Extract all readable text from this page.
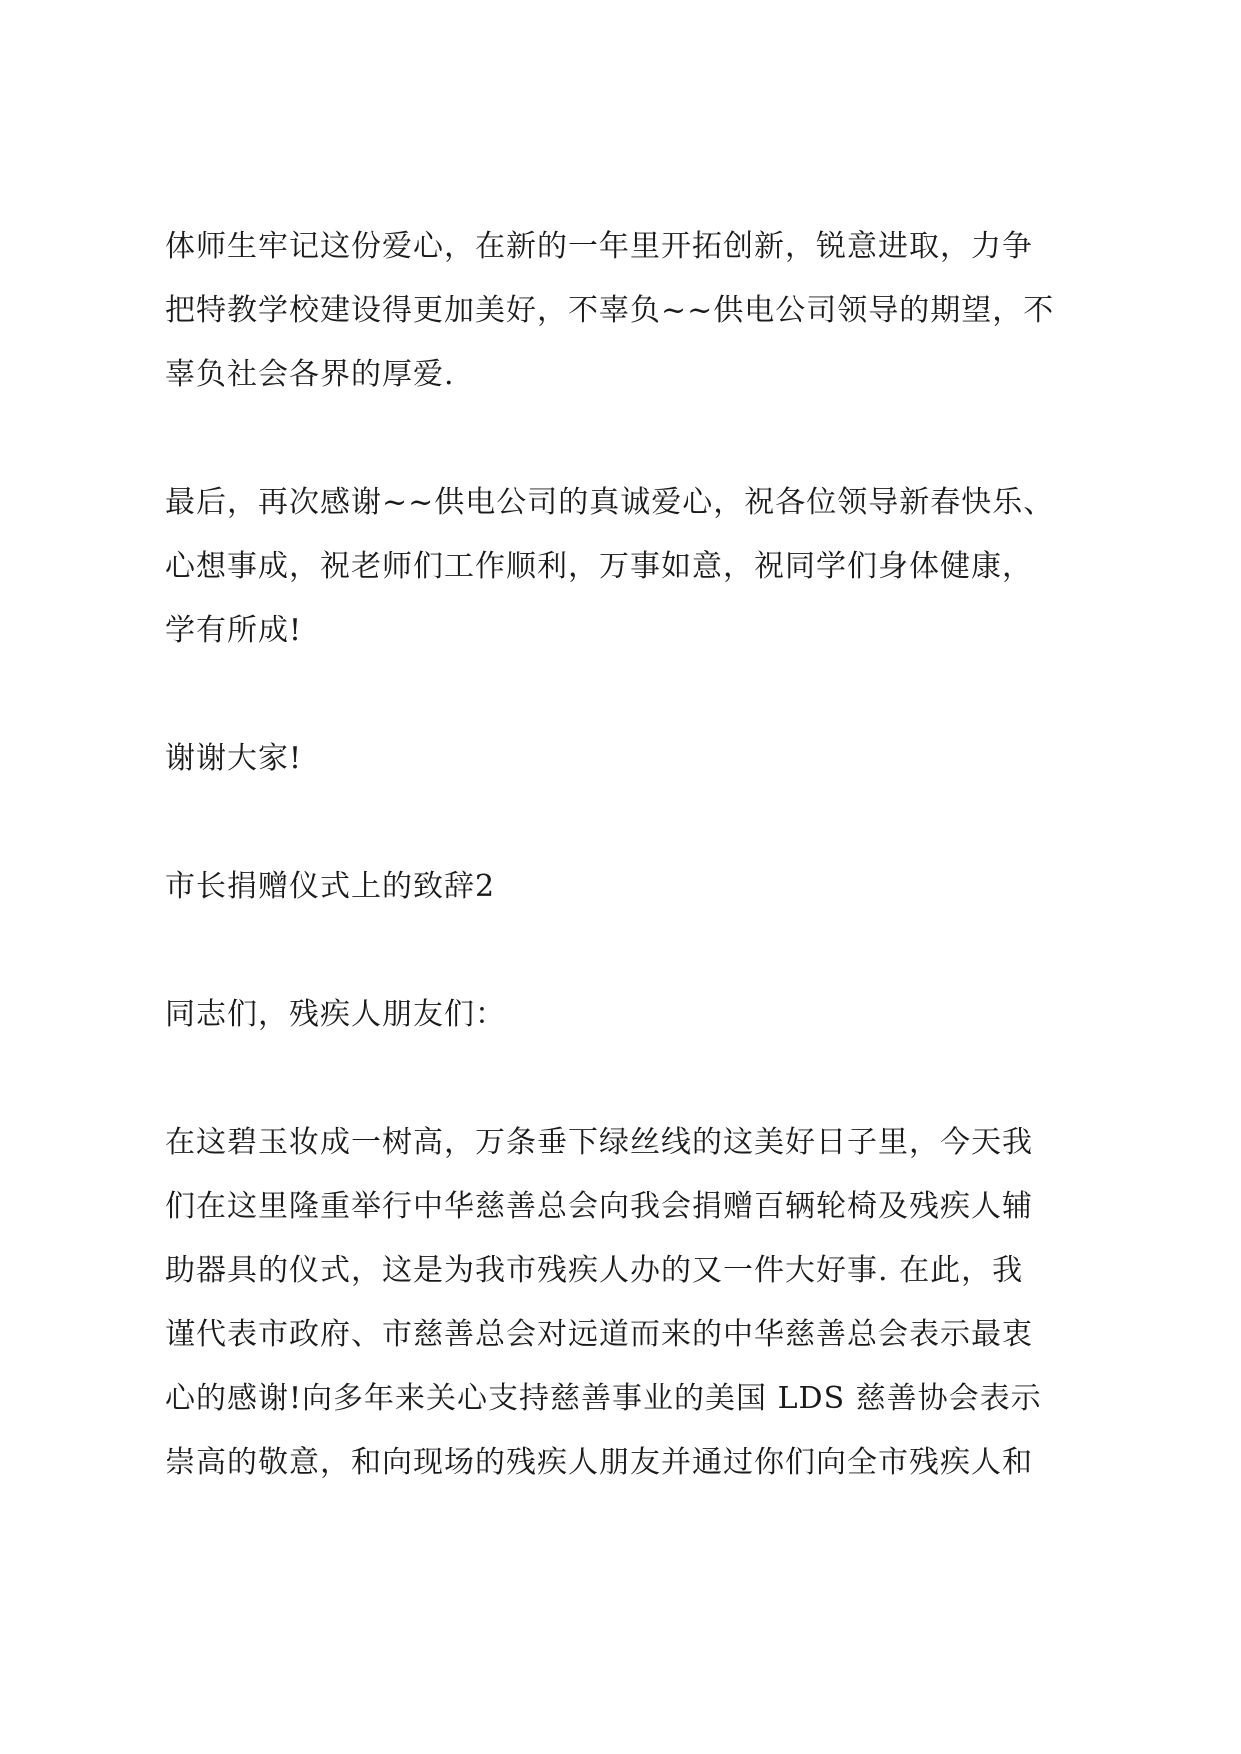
体师生牢记这份爱心，在新的一年里开拓创新，锐意进取，力争
把特教学校建设得更加美好，不辜负~~供电公司领导的期望，不
辜负社会各界的厚爱.

最后，再次感谢~~供电公司的真诚爱心，祝各位领导新春快乐、
心想事成，祝老师们工作顺利，万事如意，祝同学们身体健康，
学有所成!

谢谢大家!

市长捐赠仪式上的致辞2

同志们，残疾人朋友们：

在这碧玉妆成一树高，万条垂下绿丝线的这美好日子里，今天我
们在这里隆重举行中华慈善总会向我会捐赠百辆轮椅及残疾人辅
助器具的仪式，这是为我市残疾人办的又一件大好事. 在此，我
谨代表市政府、市慈善总会对远道而来的中华慈善总会表示最衷
心的感谢!向多年来关心支持慈善事业的美国 LDS 慈善协会表示
崇高的敬意，和向现场的残疾人朋友并通过你们向全市残疾人和
